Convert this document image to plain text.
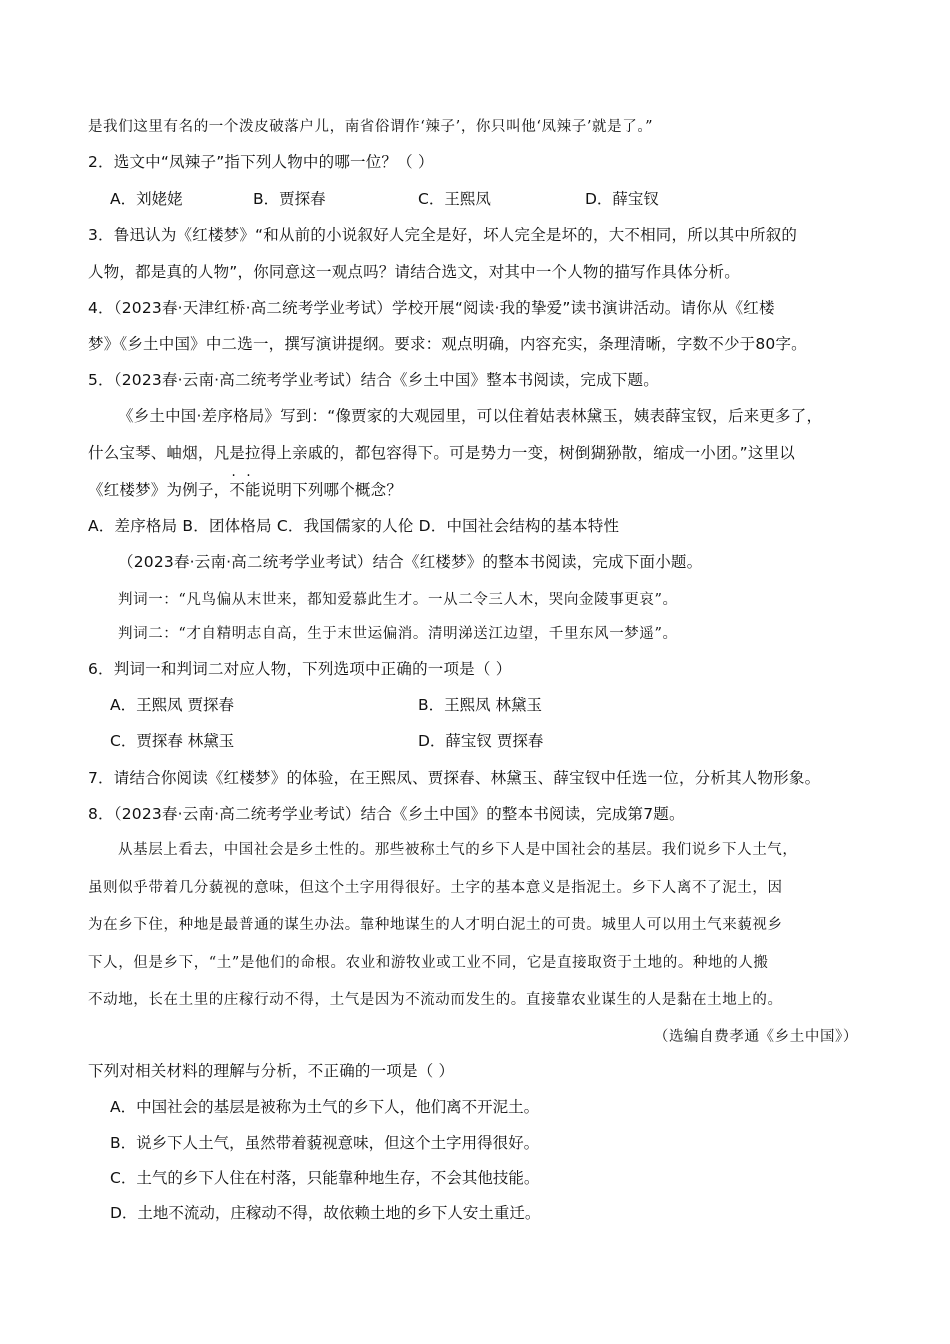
是我们这里有名的一个泼皮破落户儿，南省俗谓作‘辣子’，你只叫他‘凤辣子’就是了。”

2．选文中“凤辣子”指下列人物中的哪一位？（ ）

A．刘姥姥	B．贾探春	C．王熙凤	D．薛宝钗

3．鲁迅认为《红楼梦》“和从前的小说叙好人完全是好，坏人完全是坏的，大不相同，所以其中所叙的

人物，都是真的人物”，你同意这一观点吗？请结合选文，对其中一个人物的描写作具体分析。

4．（2023春·天津红桥·高二统考学业考试）学校开展“阅读·我的挚爱”读书演讲活动。请你从《红楼

梦》《乡土中国》中二选一，撰写演讲提纲。要求：观点明确，内容充实，条理清晰，字数不少于80字。

5．（2023春·云南·高二统考学业考试）结合《乡土中国》整本书阅读，完成下题。

《乡土中国·差序格局》写到：“像贾家的大观园里，可以住着姑表林黛玉，姨表薛宝钗，后来更多了，

什么宝琴、岫烟，凡是拉得上亲戚的，都包容得下。可是势力一变，树倒猢狲散，缩成一小团。”这里以

《红楼梦》为例子，不能 · ·说明下列哪个概念？

A．差序格局 B．团体格局 C．我国儒家的人伦 D．中国社会结构的基本特性

（2023春·云南·高二统考学业考试）结合《红楼梦》的整本书阅读，完成下面小题。

判词一：“凡鸟偏从末世来，都知爱慕此生才。一从二令三人木，哭向金陵事更哀”。

判词二：“才自精明志自高，生于末世运偏消。清明涕送江边望，千里东风一梦遥”。

6．判词一和判词二对应人物，下列选项中正确的一项是（ ）

A．王熙凤 贾探春	B．王熙凤 林黛玉
C．贾探春 林黛玉	D．薛宝钗 贾探春

7．请结合你阅读《红楼梦》的体验，在王熙凤、贾探春、林黛玉、薛宝钗中任选一位，分析其人物形象。

8．（2023春·云南·高二统考学业考试）结合《乡土中国》的整本书阅读，完成第7题。

从基层上看去，中国社会是乡土性的。那些被称土气的乡下人是中国社会的基层。我们说乡下人土气，

虽则似乎带着几分藐视的意味，但这个土字用得很好。土字的基本意义是指泥土。乡下人离不了泥土，因

为在乡下住，种地是最普通的谋生办法。靠种地谋生的人才明白泥土的可贵。城里人可以用土气来藐视乡

下人，但是乡下，“土”是他们的命根。农业和游牧业或工业不同，它是直接取资于土地的。种地的人搬

不动地，长在土里的庄稼行动不得，土气是因为不流动而发生的。直接靠农业谋生的人是黏在土地上的。

（选编自费孝通《乡土中国》）

下列对相关材料的理解与分析，不正确的一项是（ ）

A．中国社会的基层是被称为土气的乡下人，他们离不开泥土。
B．说乡下人土气，虽然带着藐视意味，但这个土字用得很好。
C．土气的乡下人住在村落，只能靠种地生存，不会其他技能。
D．土地不流动，庄稼动不得，故依赖土地的乡下人安土重迁。
